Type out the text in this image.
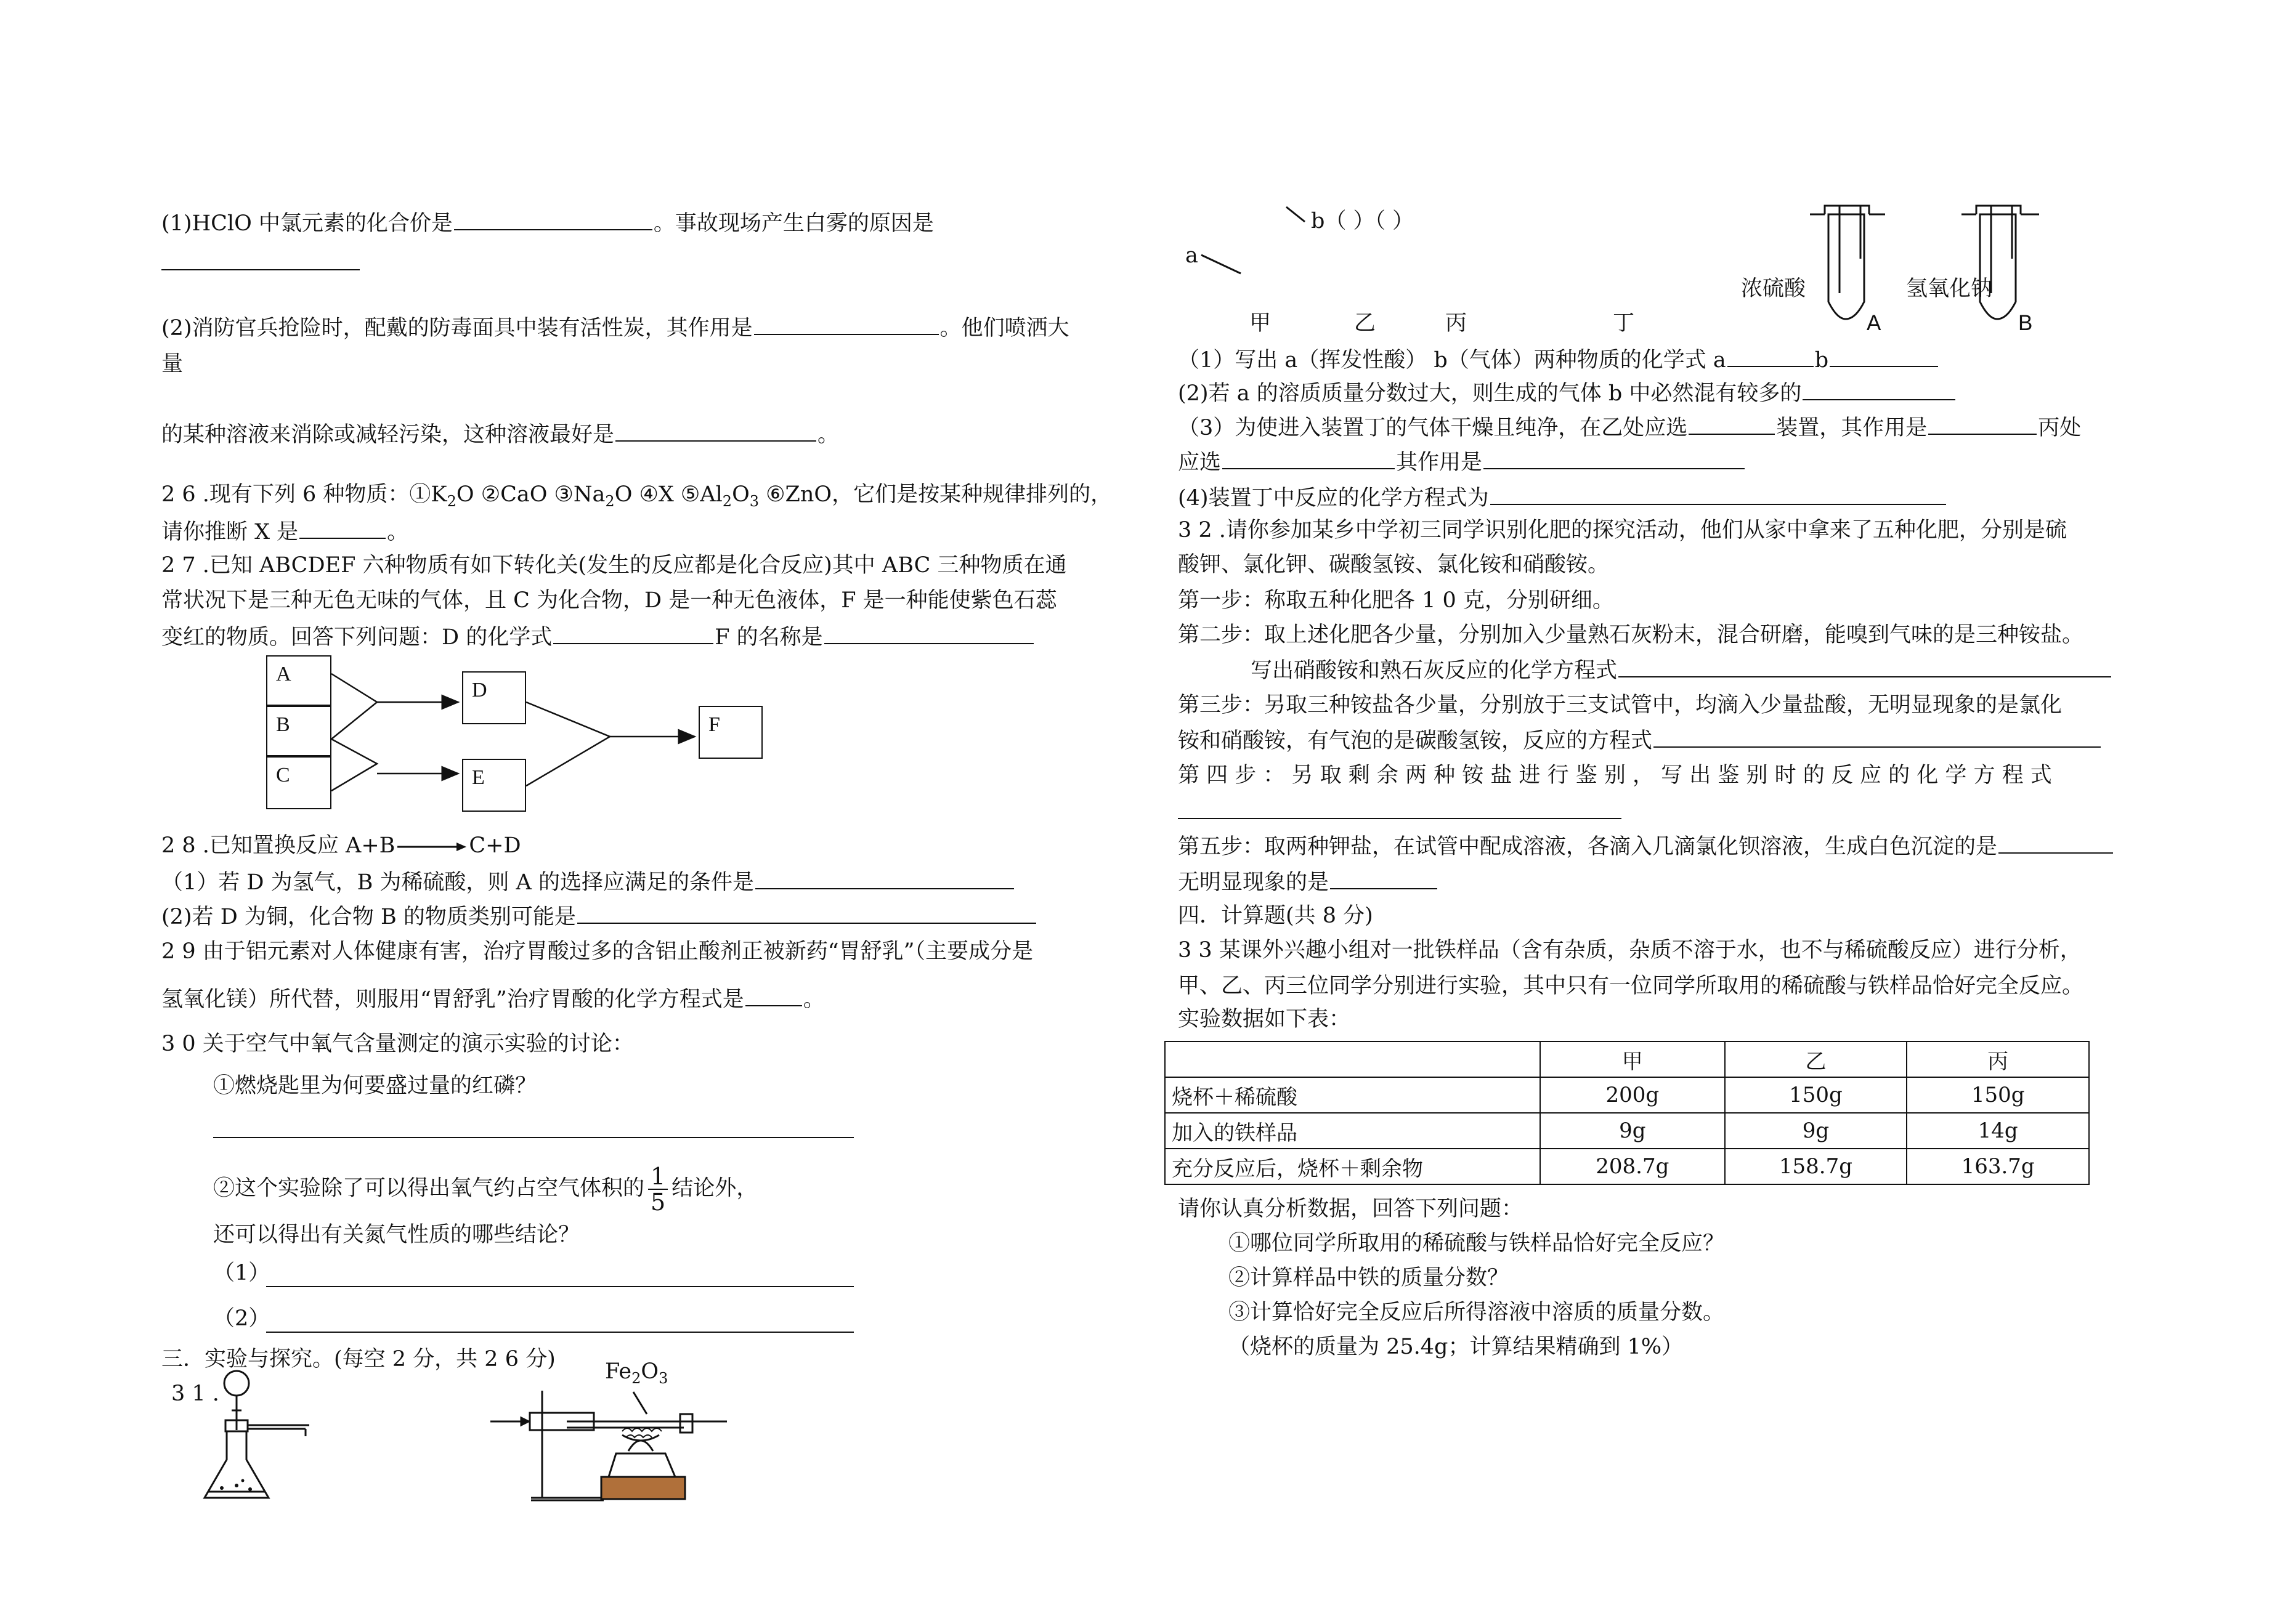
(1)HClO 中氯元素的化合价是	。事故现场产生白雾的原因是
(2)消防官兵抢险时，配戴的防毒面具中装有活性炭，其作用是	。他们喷洒大
量
的某种溶液来消除或减轻污染，这种溶液最好是	。
2 6 .现有下列 6 种物质：$①K_2O$ ②CaO $③Na_2O$ ④X $⑤Al_2O_3$ ⑥ZnO，它们是按某种规律排列的，
请你推断 X 是	。
2 7 .已知 ABCDEF 六种物质有如下转化关(发生的反应都是化合反应)其中 ABC 三种物质在通
常状况下是三种无色无味的气体，且 C 为化合物，D 是一种无色液体，F 是一种能使紫色石蕊
变红的物质。回答下列问题：D 的化学式	F 的名称是
A
B
C
D
E
F
2 8 .已知置换反应 A+B→C+D
（1）若 D 为氢气，B 为稀硫酸，则 A 的选择应满足的条件是
(2)若 D 为铜，化合物 B 的物质类别可能是
2 9 由于铝元素对人体健康有害，治疗胃酸过多的含铝止酸剂正被新药“胃舒乳”（主要成分是
氢氧化镁）所代替，则服用“胃舒乳”治疗胃酸的化学方程式是	。
3 0 关于空气中氧气含量测定的演示实验的讨论：
①燃烧匙里为何要盛过量的红磷？
②这个实验除了可以得出氧气约占空气体积的 $\frac{1}{5}$ 结论外，
还可以得出有关氮气性质的哪些结论？
（1）
（2）
三．实验与探究。(每空 2 分，共 2 6 分)
3 1 .
$Fe_2O_3$
b（ ）（ ）
a
浓硫酸	氢氧化钠
A	B
甲	乙	丙	丁
（1）写出 a（挥发性酸） b（气体）两种物质的化学式 a	b
(2)若 a 的溶质质量分数过大，则生成的气体 b 中必然混有较多的
（3）为使进入装置丁的气体干燥且纯净，在乙处应选	装置，其作用是	丙处
应选	其作用是
(4)装置丁中反应的化学方程式为
3 2 .请你参加某乡中学初三同学识别化肥的探究活动，他们从家中拿来了五种化肥，分别是硫
酸钾、氯化钾、碳酸氢铵、氯化铵和硝酸铵。
第一步：称取五种化肥各 1 0 克，分别研细。
第二步：取上述化肥各少量，分别加入少量熟石灰粉末，混合研磨，能嗅到气味的是三种铵盐。
写出硝酸铵和熟石灰反应的化学方程式
第三步：另取三种铵盐各少量，分别放于三支试管中，均滴入少量盐酸，无明显现象的是氯化
铵和硝酸铵，有气泡的是碳酸氢铵，反应的方程式
第 四 步 ： 另 取 剩 余 两 种 铵 盐 进 行 鉴 别 ， 写 出 鉴 别 时 的 反 应 的 化 学 方 程 式
第五步：取两种钾盐，在试管中配成溶液，各滴入几滴氯化钡溶液，生成白色沉淀的是
无明显现象的是
四．计算题(共 8 分)
3 3 某课外兴趣小组对一批铁样品（含有杂质，杂质不溶于水，也不与稀硫酸反应）进行分析，
甲、乙、丙三位同学分别进行实验，其中只有一位同学所取用的稀硫酸与铁样品恰好完全反应。
实验数据如下表：
	甲	乙	丙
烧杯＋稀硫酸	200g	150g	150g
加入的铁样品	9g	9g	14g
充分反应后，烧杯＋剩余物	208.7g	158.7g	163.7g
请你认真分析数据，回答下列问题：
①哪位同学所取用的稀硫酸与铁样品恰好完全反应？
②计算样品中铁的质量分数？
③计算恰好完全反应后所得溶液中溶质的质量分数。
（烧杯的质量为 25.4g；计算结果精确到 1%）
